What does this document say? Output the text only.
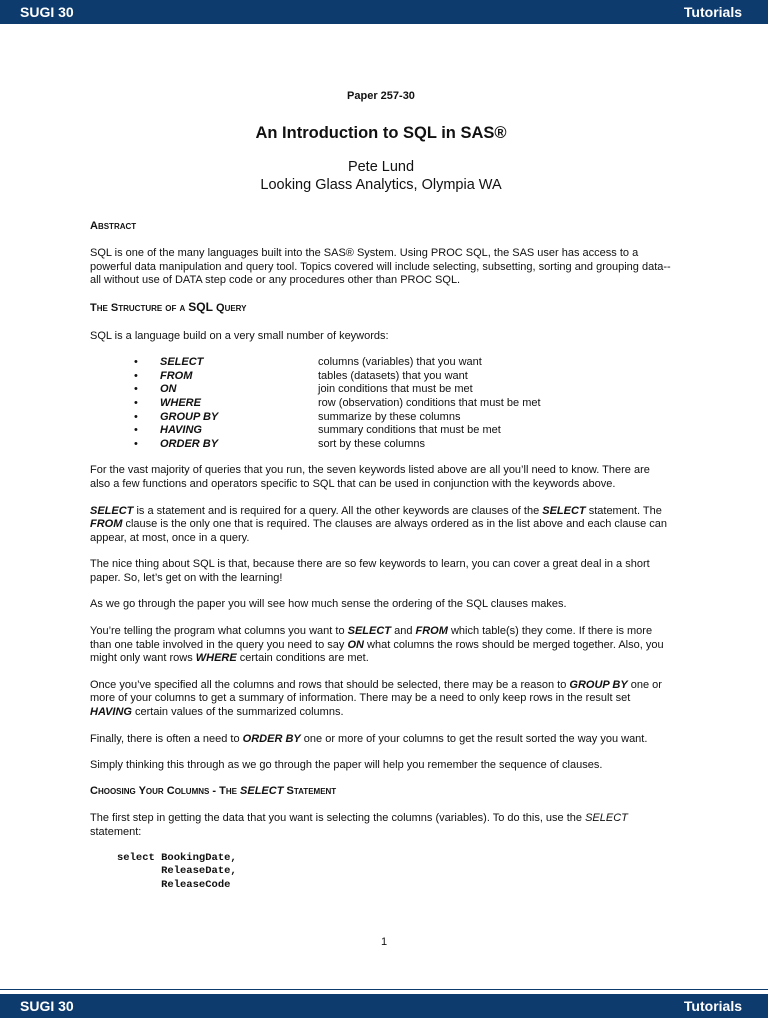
SUGI 30	Tutorials

Paper 257-30

An Introduction to SQL in SAS®

Pete Lund

Looking Glass Analytics, Olympia WA

Abstract

SQL is one of the many languages built into the SAS® System. Using PROC SQL, the SAS user has access to a powerful data manipulation and query tool. Topics covered will include selecting, subsetting, sorting and grouping data--all without use of DATA step code or any procedures other than PROC SQL.

The Structure of a SQL Query

SQL is a language build on a very small number of keywords:

•	SELECT	columns (variables) that you want
•	FROM	tables (datasets) that you want
•	ON	join conditions that must be met
•	WHERE	row (observation) conditions that must be met
•	GROUP BY	summarize by these columns
•	HAVING	summary conditions that must be met
•	ORDER BY	sort by these columns

For the vast majority of queries that you run, the seven keywords listed above are all you’ll need to know. There are also a few functions and operators specific to SQL that can be used in conjunction with the keywords above.

SELECT is a statement and is required for a query. All the other keywords are clauses of the SELECT statement. The FROM clause is the only one that is required. The clauses are always ordered as in the list above and each clause can appear, at most, once in a query.

The nice thing about SQL is that, because there are so few keywords to learn, you can cover a great deal in a short paper. So, let’s get on with the learning!

As we go through the paper you will see how much sense the ordering of the SQL clauses makes.

You’re telling the program what columns you want to SELECT and FROM which table(s) they come. If there is more than one table involved in the query you need to say ON what columns the rows should be merged together. Also, you might only want rows WHERE certain conditions are met.

Once you’ve specified all the columns and rows that should be selected, there may be a reason to GROUP BY one or more of your columns to get a summary of information. There may be a need to only keep rows in the result set HAVING certain values of the summarized columns.

Finally, there is often a need to ORDER BY one or more of your columns to get the result sorted the way you want.

Simply thinking this through as we go through the paper will help you remember the sequence of clauses.

Choosing Your Columns - The SELECT Statement

The first step in getting the data that you want is selecting the columns (variables). To do this, use the SELECT statement:

select BookingDate,
ReleaseDate,
ReleaseCode
1
SUGI 30	Tutorials
